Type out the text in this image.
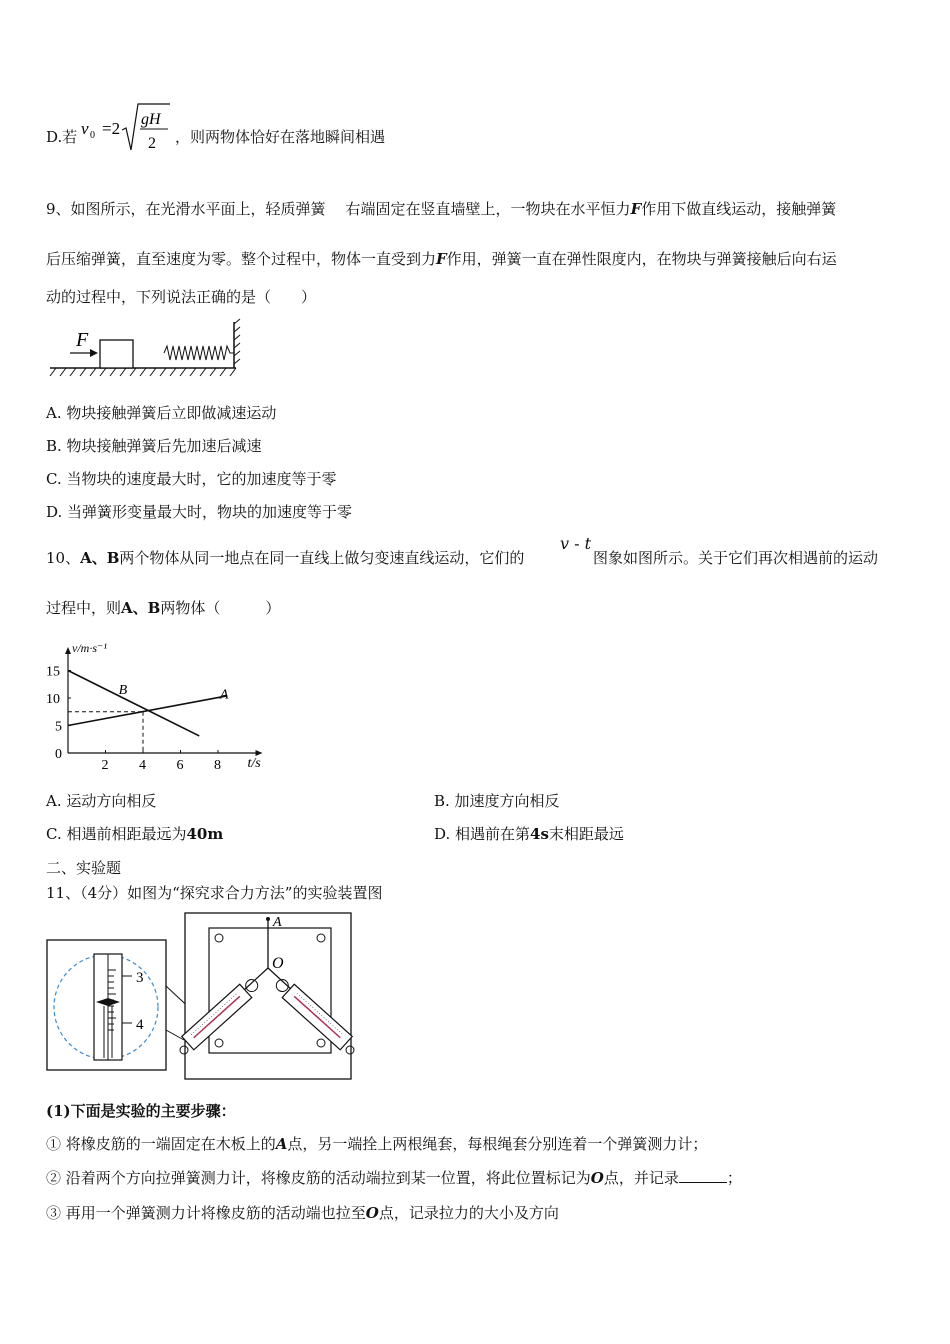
D.若 v 0 =2 gH
2 ，则两物体恰好在落地瞬间相遇
9、如图所示，在光滑水平面上，轻质弹簧 右端固定在竖直墙壁上，一物块在水平恒力F作用下做直线运动，接触弹簧
后压缩弹簧，直至速度为零。整个过程中，物体一直受到力F作用，弹簧一直在弹性限度内，在物块与弹簧接触后向右运
动的过程中，下列说法正确的是（　　）
F
A. 物块接触弹簧后立即做减速运动
B. 物块接触弹簧后先加速后减速
C. 当物块的速度最大时，它的加速度等于零
D. 当弹簧形变量最大时，物块的加速度等于零
10、A、B两个物体从同一地点在同一直线上做匀变速直线运动，它们的
v - t
图象如图所示。关于它们再次相遇前的运动
过程中，则A、B两物体（　　　）
v/m·s⁻¹
t/s
2 4 6 8
0
5
10
15
A
B
A. 运动方向相反	B. 加速度方向相反
C. 相遇前相距最远为40m	D. 相遇前在第4s末相距最远
二、实验题
11、（4分）如图为“探究求合力方法”的实验装置图
3
4
A
O
(1)下面是实验的主要步骤：
① 将橡皮筋的一端固定在木板上的A点，另一端拴上两根绳套，每根绳套分别连着一个弹簧测力计；
② 沿着两个方向拉弹簧测力计，将橡皮筋的活动端拉到某一位置，将此位置标记为O点，并记录	；
③ 再用一个弹簧测力计将橡皮筋的活动端也拉至O点，记录拉力的大小及方向
